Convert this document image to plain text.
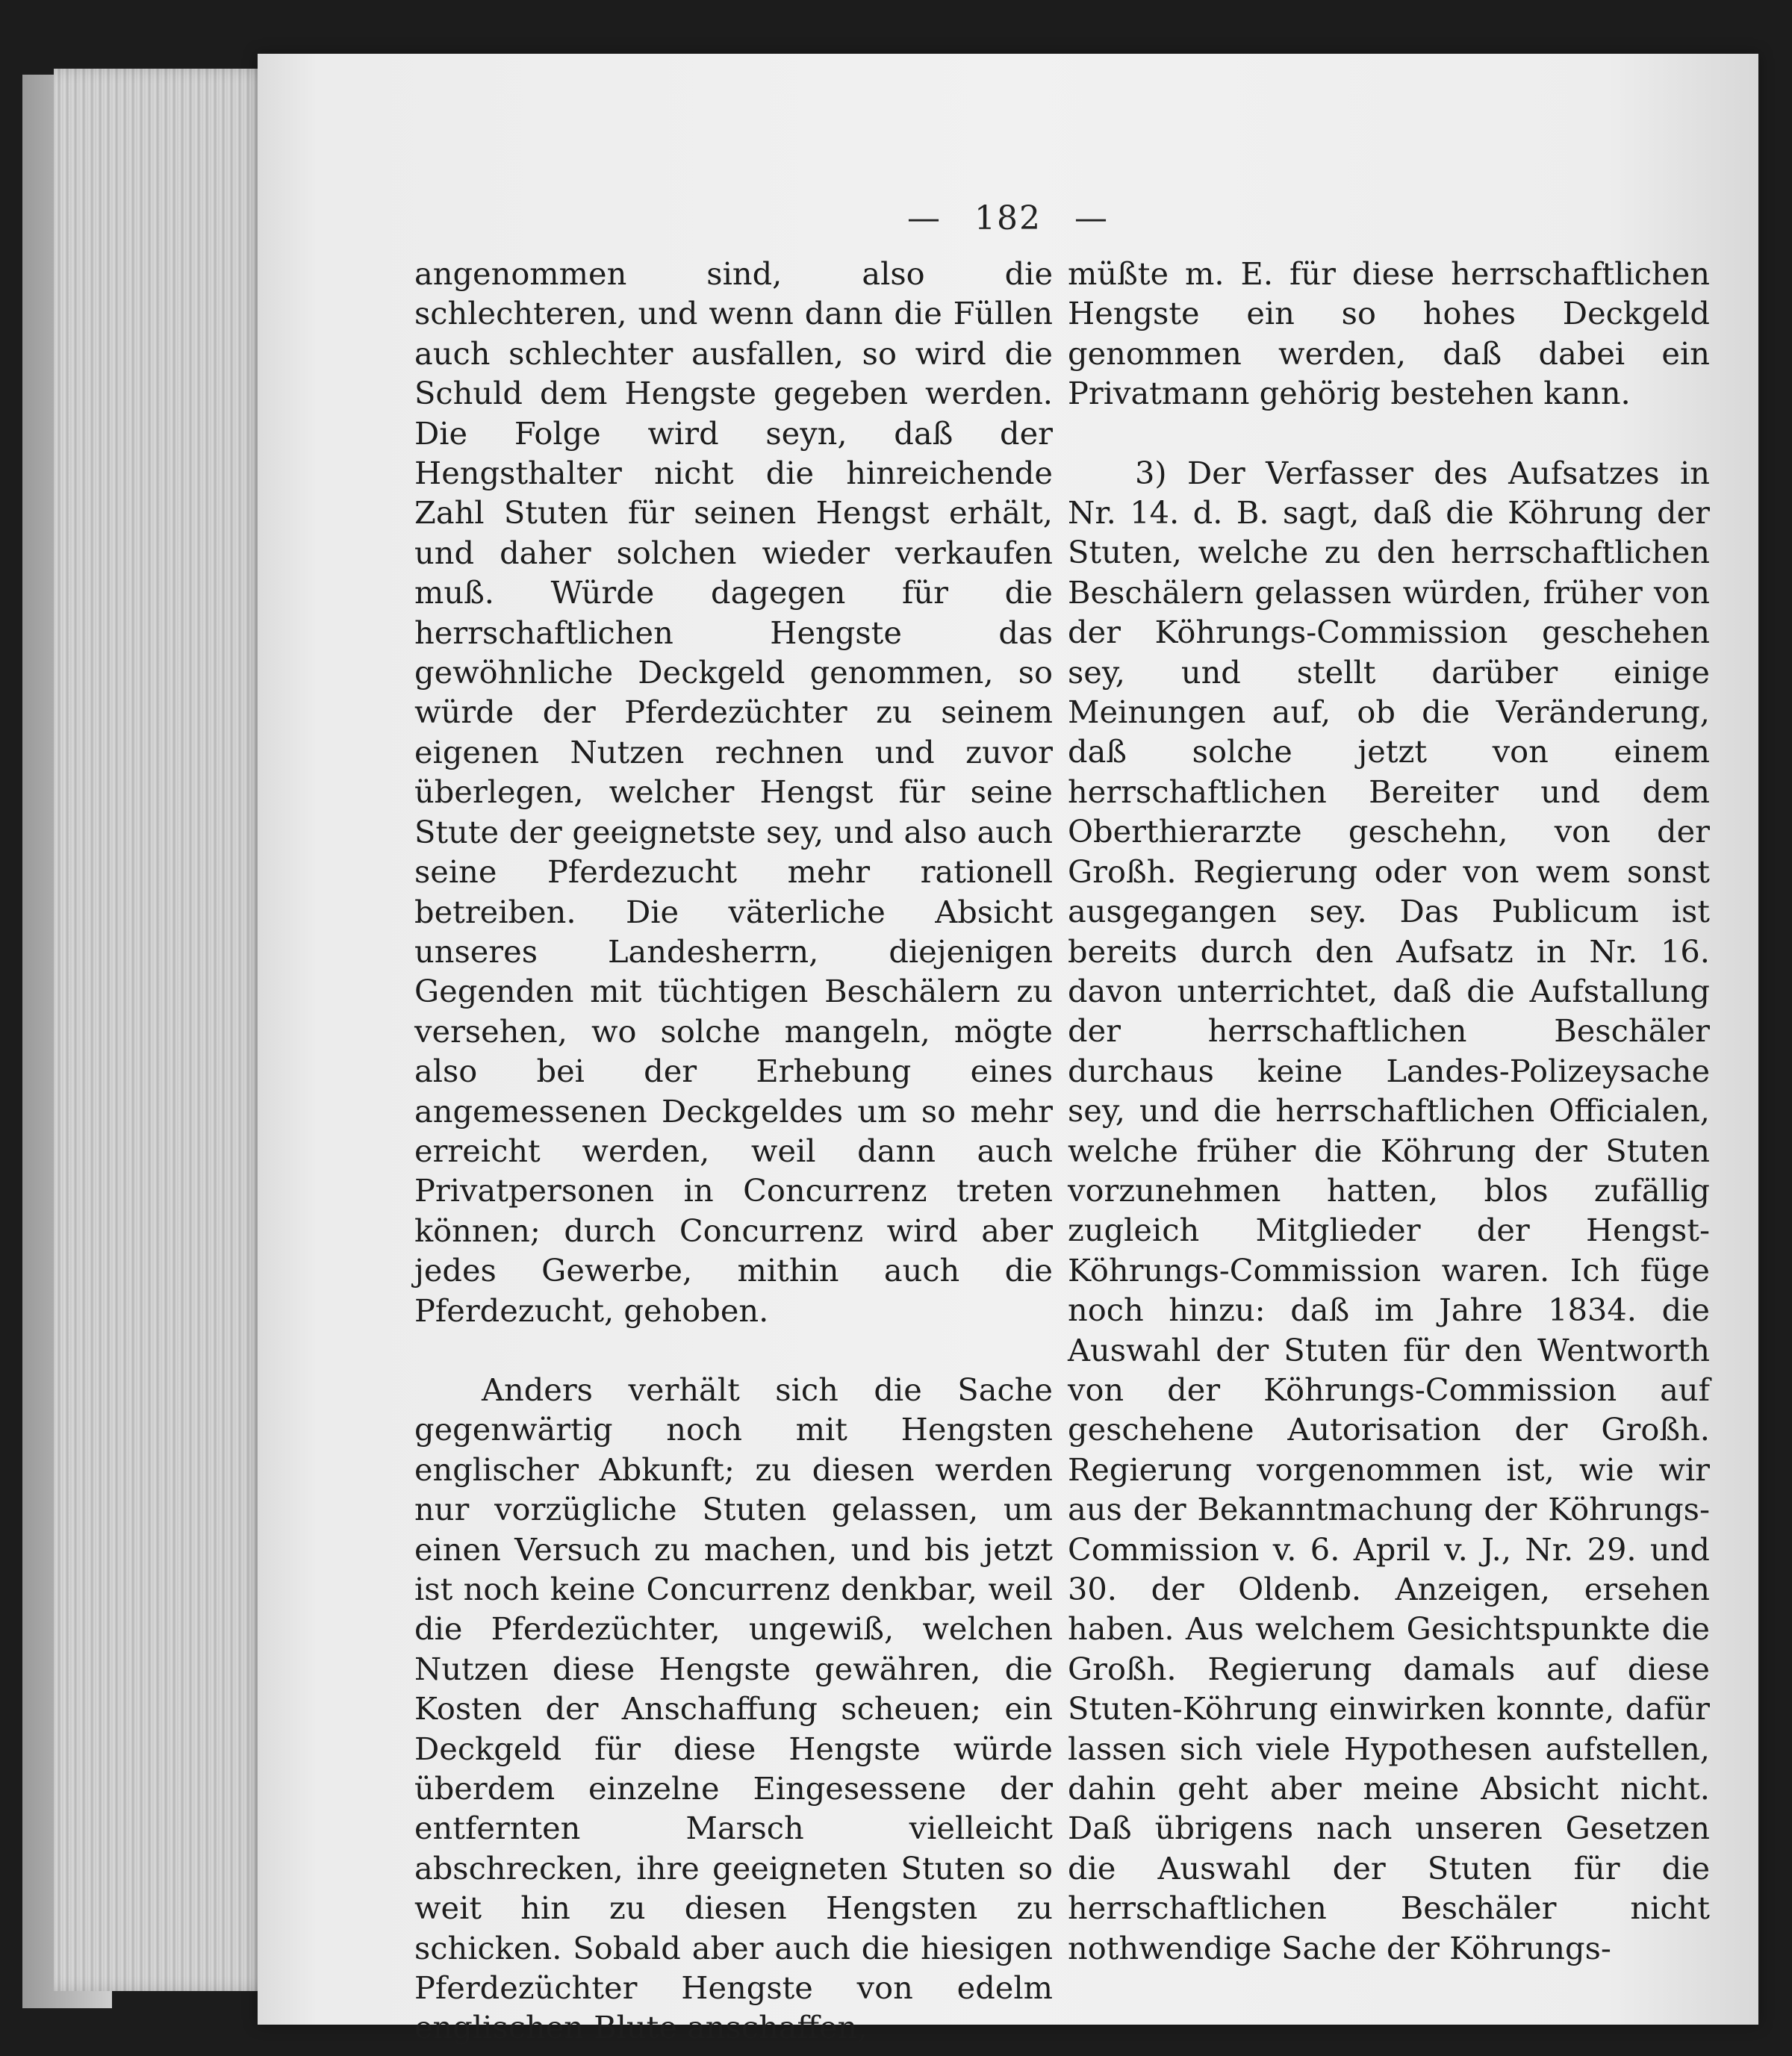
— 182 —

angenommen sind, also die schlechteren, und wenn dann die Füllen auch schlechter ausfallen, so wird die Schuld dem Hengste gegeben werden. Die Folge wird seyn, daß der Hengsthalter nicht die hinreichende Zahl Stuten für seinen Hengst erhält, und daher solchen wieder verkaufen muß. Würde dagegen für die herrschaftlichen Hengste das gewöhnliche Deckgeld genommen, so würde der Pferdezüchter zu seinem eigenen Nutzen rechnen und zuvor überlegen, welcher Hengst für seine Stute der geeignetste sey, und also auch seine Pferdezucht mehr rationell betreiben. Die väterliche Absicht unseres Landesherrn, diejenigen Gegenden mit tüchtigen Beschälern zu versehen, wo solche mangeln, mögte also bei der Erhebung eines angemessenen Deckgeldes um so mehr erreicht werden, weil dann auch Privatpersonen in Concurrenz treten können; durch Concurrenz wird aber jedes Gewerbe, mithin auch die Pferdezucht, gehoben.

Anders verhält sich die Sache gegenwärtig noch mit Hengsten englischer Abkunft; zu diesen werden nur vorzügliche Stuten gelassen, um einen Versuch zu machen, und bis jetzt ist noch keine Concurrenz denkbar, weil die Pferdezüchter, ungewiß, welchen Nutzen diese Hengste gewähren, die Kosten der Anschaffung scheuen; ein Deckgeld für diese Hengste würde überdem einzelne Eingesessene der entfernten Marsch vielleicht abschrecken, ihre geeigneten Stuten so weit hin zu diesen Hengsten zu schicken. Sobald aber auch die hiesigen Pferdezüchter Hengste von edelm englischen Blute anschaffen,

müßte m. E. für diese herrschaftlichen Hengste ein so hohes Deckgeld genommen werden, daß dabei ein Privatmann gehörig bestehen kann.

3) Der Verfasser des Aufsatzes in Nr. 14. d. B. sagt, daß die Köhrung der Stuten, welche zu den herrschaftlichen Beschälern gelassen würden, früher von der Köhrungs-Commission geschehen sey, und stellt darüber einige Meinungen auf, ob die Veränderung, daß solche jetzt von einem herrschaftlichen Bereiter und dem Oberthierarzte geschehn, von der Großh. Regierung oder von wem sonst ausgegangen sey. Das Publicum ist bereits durch den Aufsatz in Nr. 16. davon unterrichtet, daß die Aufstallung der herrschaftlichen Beschäler durchaus keine Landes-Polizeysache sey, und die herrschaftlichen Officialen, welche früher die Köhrung der Stuten vorzunehmen hatten, blos zufällig zugleich Mitglieder der Hengst-Köhrungs-Commission waren. Ich füge noch hinzu: daß im Jahre 1834. die Auswahl der Stuten für den Wentworth von der Köhrungs-Commission auf geschehene Autorisation der Großh. Regierung vorgenommen ist, wie wir aus der Bekanntmachung der Köhrungs-Commission v. 6. April v. J., Nr. 29. und 30. der Oldenb. Anzeigen, ersehen haben. Aus welchem Gesichtspunkte die Großh. Regierung damals auf diese Stuten-Köhrung einwirken konnte, dafür lassen sich viele Hypothesen aufstellen, dahin geht aber meine Absicht nicht. Daß übrigens nach unseren Gesetzen die Auswahl der Stuten für die herrschaftlichen Beschäler nicht nothwendige Sache der Köhrungs-
